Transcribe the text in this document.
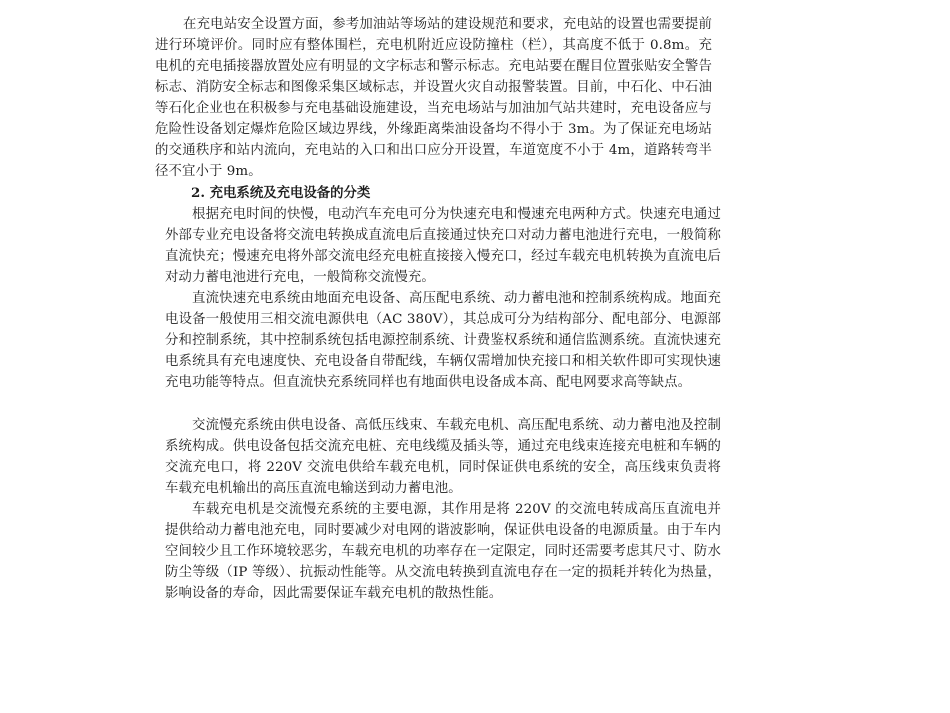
在充电站安全设置方面，参考加油站等场站的建设规范和要求，充电站的设置也需要提前进行环境评价。同时应有整体围栏，充电机附近应设防撞柱（栏），其高度不低于 0.8m。充电机的充电插接器放置处应有明显的文字标志和警示标志。充电站要在醒目位置张贴安全警告标志、消防安全标志和图像采集区域标志，并设置火灾自动报警装置。目前，中石化、中石油等石化企业也在积极参与充电基础设施建设，当充电场站与加油加气站共建时，充电设备应与危险性设备划定爆炸危险区域边界线，外缘距离柴油设备均不得小于 3m。为了保证充电场站的交通秩序和站内流向，充电站的入口和出口应分开设置，车道宽度不小于 4m，道路转弯半径不宜小于 9m。

2. 充电系统及充电设备的分类

根据充电时间的快慢，电动汽车充电可分为快速充电和慢速充电两种方式。快速充电通过外部专业充电设备将交流电转换成直流电后直接通过快充口对动力蓄电池进行充电，一般简称直流快充；慢速充电将外部交流电经充电桩直接接入慢充口，经过车载充电机转换为直流电后对动力蓄电池进行充电，一般简称交流慢充。

直流快速充电系统由地面充电设备、高压配电系统、动力蓄电池和控制系统构成。地面充电设备一般使用三相交流电源供电（AC 380V），其总成可分为结构部分、配电部分、电源部分和控制系统，其中控制系统包括电源控制系统、计费鉴权系统和通信监测系统。直流快速充电系统具有充电速度快、充电设备自带配线，车辆仅需增加快充接口和相关软件即可实现快速充电功能等特点。但直流快充系统同样也有地面供电设备成本高、配电网要求高等缺点。

交流慢充系统由供电设备、高低压线束、车载充电机、高压配电系统、动力蓄电池及控制系统构成。供电设备包括交流充电桩、充电线缆及插头等，通过充电线束连接充电桩和车辆的交流充电口，将 220V 交流电供给车载充电机，同时保证供电系统的安全，高压线束负责将车载充电机输出的高压直流电输送到动力蓄电池。

车载充电机是交流慢充系统的主要电源，其作用是将 220V 的交流电转成高压直流电并提供给动力蓄电池充电，同时要减少对电网的谐波影响，保证供电设备的电源质量。由于车内空间较少且工作环境较恶劣，车载充电机的功率存在一定限定，同时还需要考虑其尺寸、防水防尘等级（IP 等级）、抗振动性能等。从交流电转换到直流电存在一定的损耗并转化为热量，影响设备的寿命，因此需要保证车载充电机的散热性能。
